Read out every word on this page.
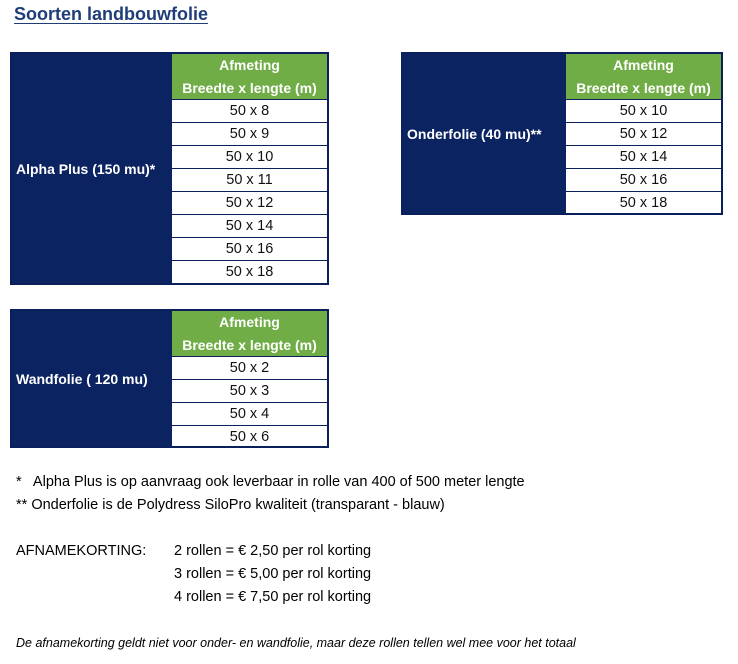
Soorten landbouwfolie
Alpha Plus (150 mu)*
Afmeting
Breedte x lengte (m)
50 x 8
50 x 9
50 x 10
50 x 11
50 x 12
50 x 14
50 x 16
50 x 18
Onderfolie (40 mu)**
Afmeting
Breedte x lengte (m)
50 x 10
50 x 12
50 x 14
50 x 16
50 x 18
Wandfolie ( 120 mu)
Afmeting
Breedte x lengte (m)
50 x 2
50 x 3
50 x 4
50 x 6
*   Alpha Plus is op aanvraag ook leverbaar in rolle van 400 of 500 meter lengte
** Onderfolie is de Polydress SiloPro kwaliteit (transparant - blauw)
AFNAMEKORTING: 2 rollen = € 2,50 per rol korting
3 rollen = € 5,00 per rol korting
4 rollen = € 7,50 per rol korting
De afnamekorting geldt niet voor onder- en wandfolie, maar deze rollen tellen wel mee voor het totaal
